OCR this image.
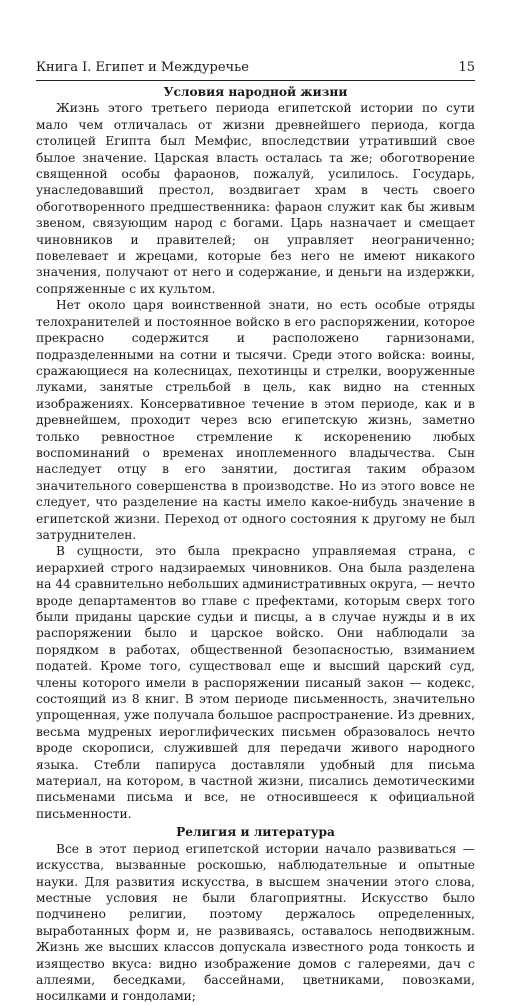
Книга I. Египет и Междуречье	15
Условия народной жизни

Жизнь этого третьего периода египетской истории по сути мало чем отличалась от жизни древнейшего периода, когда столицей Египта был Мемфис, впоследствии утративший свое былое значение. Царская власть осталась та же; обоготворение священной особы фараонов, пожалуй, усилилось. Государь, унаследовавший престол, воздвигает храм в честь своего обоготворенного предшественника: фараон служит как бы живым звеном, связующим народ с богами. Царь назначает и смещает чиновников и правителей; он управляет неограниченно; повелевает и жрецами, которые без него не имеют никакого значения, получают от него и содержание, и деньги на издержки, сопряженные с их культом.

Нет около царя воинственной знати, но есть особые отряды телохранителей и постоянное войско в его распоряжении, которое прекрасно содержится и расположено гарнизонами, подразделенными на сотни и тысячи. Среди этого войска: воины, сражающиеся на колесницах, пехотинцы и стрелки, вооруженные луками, занятые стрельбой в цель, как видно на стенных изображениях. Консервативное течение в этом периоде, как и в древнейшем, проходит через всю египетскую жизнь, заметно только ревностное стремление к искоренению любых воспоминаний о временах иноплеменного владычества. Сын наследует отцу в его занятии, достигая таким образом значительного совершенства в производстве. Но из этого вовсе не следует, что разделение на касты имело какое-нибудь значение в египетской жизни. Переход от одного состояния к другому не был затруднителен.

В сущности, это была прекрасно управляемая страна, с иерархией строго надзираемых чиновников. Она была разделена на 44 сравнительно небольших административных округа, — нечто вроде департаментов во главе с префектами, которым сверх того были приданы царские судьи и писцы, а в случае нужды и в их распоряжении было и царское войско. Они наблюдали за порядком в работах, общественной безопасностью, взиманием податей. Кроме того, существовал еще и высший царский суд, члены которого имели в распоряжении писаный закон — кодекс, состоящий из 8 книг. В этом периоде письменность, значительно упрощенная, уже получала большое распространение. Из древних, весьма мудреных иероглифических письмен образовалось нечто вроде скорописи, служившей для передачи живого народного языка. Стебли папируса доставляли удобный для письма материал, на котором, в частной жизни, писались демотическими письменами письма и все, не относившееся к официальной письменности.

Религия и литература

Все в этот период египетской истории начало развиваться — искусства, вызванные роскошью, наблюдательные и опытные науки. Для развития искусства, в высшем значении этого слова, местные условия не были благоприятны. Искусство было подчинено религии, поэтому держалось определенных, выработанных форм и, не развиваясь, оставалось неподвижным. Жизнь же высших классов допускала известного рода тонкость и изящество вкуса: видно изображение домов с галереями, дач с аллеями, беседками, бассейнами, цветниками, повозками, носилками и гондолами;
